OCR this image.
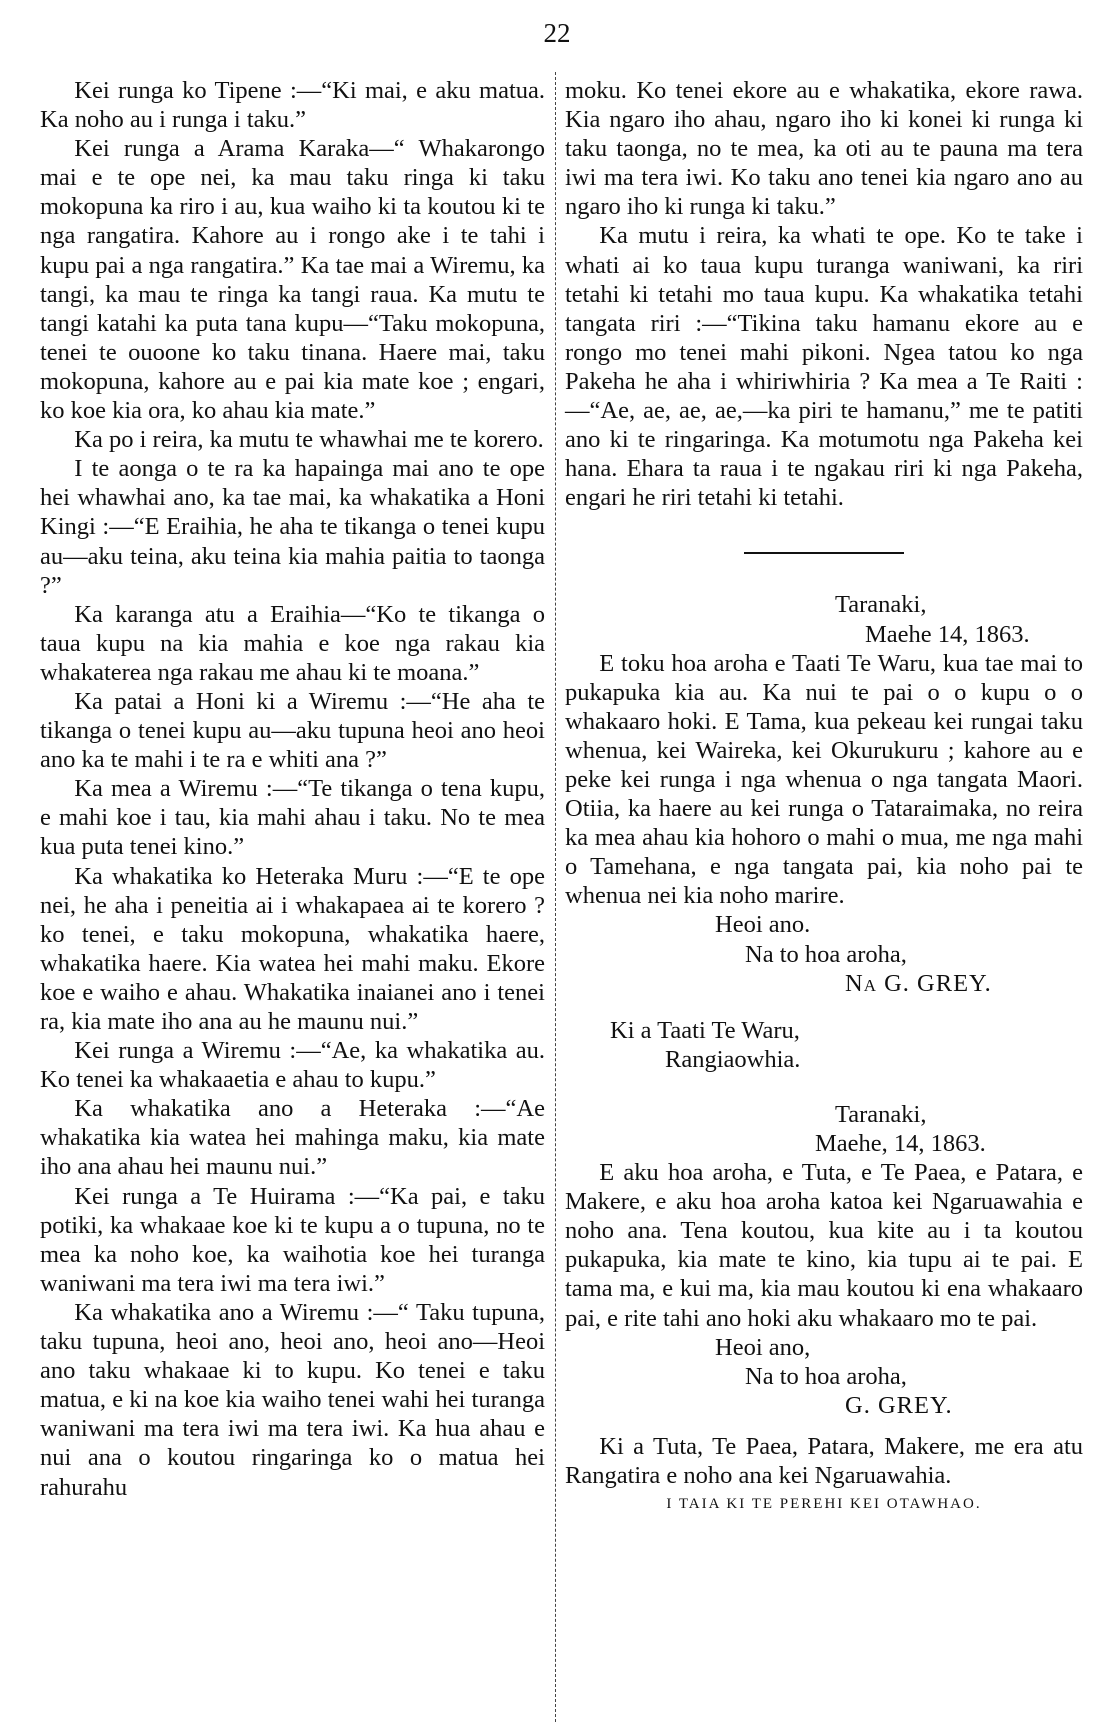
22

Kei runga ko Tipene :—“Ki mai, e aku matua. Ka noho au i runga i taku.”

Kei runga a Arama Karaka—“ Whakarongo mai e te ope nei, ka mau taku ringa ki taku mokopuna ka riro i au, kua waiho ki ta koutou ki te nga rangatira. Kahore au i rongo ake i te tahi i kupu pai a nga rangatira.” Ka tae mai a Wiremu, ka tangi, ka mau te ringa ka tangi raua. Ka mutu te tangi katahi ka puta tana kupu—“Taku mokopuna, tenei te ouoone ko taku tinana. Haere mai, taku mokopuna, kahore au e pai kia mate koe ; engari, ko koe kia ora, ko ahau kia mate.”

Ka po i reira, ka mutu te whawhai me te korero.

I te aonga o te ra ka hapainga mai ano te ope hei whawhai ano, ka tae mai, ka whakatika a Honi Kingi :—“E Eraihia, he aha te tikanga o tenei kupu au—aku teina, aku teina kia mahia paitia to taonga ?”

Ka karanga atu a Eraihia—“Ko te tikanga o taua kupu na kia mahia e koe nga rakau kia whakaterea nga rakau me ahau ki te moana.”

Ka patai a Honi ki a Wiremu :—“He aha te tikanga o tenei kupu au—aku tupuna heoi ano heoi ano ka te mahi i te ra e whiti ana ?”

Ka mea a Wiremu :—“Te tikanga o tena kupu, e mahi koe i tau, kia mahi ahau i taku. No te mea kua puta tenei kino.”

Ka whakatika ko Heteraka Muru :—“E te ope nei, he aha i peneitia ai i whakapaea ai te korero ? ko tenei, e taku mokopuna, whakatika haere, whakatika haere. Kia watea hei mahi maku. Ekore koe e waiho e ahau. Whakatika inaianei ano i tenei ra, kia mate iho ana au he maunu nui.”

Kei runga a Wiremu :—“Ae, ka whakatika au. Ko tenei ka whakaaetia e ahau to kupu.”

Ka whakatika ano a Heteraka :—“Ae whakatika kia watea hei mahinga maku, kia mate iho ana ahau hei maunu nui.”

Kei runga a Te Huirama :—“Ka pai, e taku potiki, ka whakaae koe ki te kupu a o tupuna, no te mea ka noho koe, ka waihotia koe hei turanga waniwani ma tera iwi ma tera iwi.”

Ka whakatika ano a Wiremu :—“ Taku tupuna, taku tupuna, heoi ano, heoi ano, heoi ano—Heoi ano taku whakaae ki to kupu. Ko tenei e taku matua, e ki na koe kia waiho tenei wahi hei turanga waniwani ma tera iwi ma tera iwi. Ka hua ahau e nui ana o koutou ringaringa ko o matua hei rahurahu

moku. Ko tenei ekore au e whakatika, ekore rawa. Kia ngaro iho ahau, ngaro iho ki konei ki runga ki taku taonga, no te mea, ka oti au te pauna ma tera iwi ma tera iwi. Ko taku ano tenei kia ngaro ano au ngaro iho ki runga ki taku.”

Ka mutu i reira, ka whati te ope. Ko te take i whati ai ko taua kupu turanga waniwani, ka riri tetahi ki tetahi mo taua kupu. Ka whakatika tetahi tangata riri :—“Tikina taku hamanu ekore au e rongo mo tenei mahi pikoni. Ngea tatou ko nga Pakeha he aha i whiriwhiria ? Ka mea a Te Raiti :—“Ae, ae, ae, ae,—ka piri te hamanu,” me te patiti ano ki te ringaringa. Ka motumotu nga Pakeha kei hana. Ehara ta raua i te ngakau riri ki nga Pakeha, engari he riri tetahi ki tetahi.

Taranaki,

Maehe 14, 1863.

E toku hoa aroha e Taati Te Waru, kua tae mai to pukapuka kia au. Ka nui te pai o o kupu o o whakaaro hoki. E Tama, kua pekeau kei rungai taku whenua, kei Waireka, kei Okurukuru ; kahore au e peke kei runga i nga whenua o nga tangata Maori. Otiia, ka haere au kei runga o Tataraimaka, no reira ka mea ahau kia hohoro o mahi o mua, me nga mahi o Tamehana, e nga tangata pai, kia noho pai te whenua nei kia noho marire.

Heoi ano.

Na to hoa aroha,

Na G. GREY.

Ki a Taati Te Waru,

Rangiaowhia.

Taranaki,

Maehe, 14, 1863.

E aku hoa aroha, e Tuta, e Te Paea, e Patara, e Makere, e aku hoa aroha katoa kei Ngaruawahia e noho ana. Tena koutou, kua kite au i ta koutou pukapuka, kia mate te kino, kia tupu ai te pai. E tama ma, e kui ma, kia mau koutou ki ena whakaaro pai, e rite tahi ano hoki aku whakaaro mo te pai.

Heoi ano,

Na to hoa aroha,

G. GREY.

Ki a Tuta, Te Paea, Patara, Makere, me era atu Rangatira e noho ana kei Ngaruawahia.

I TAIA KI TE PEREHI KEI OTAWHAO.
